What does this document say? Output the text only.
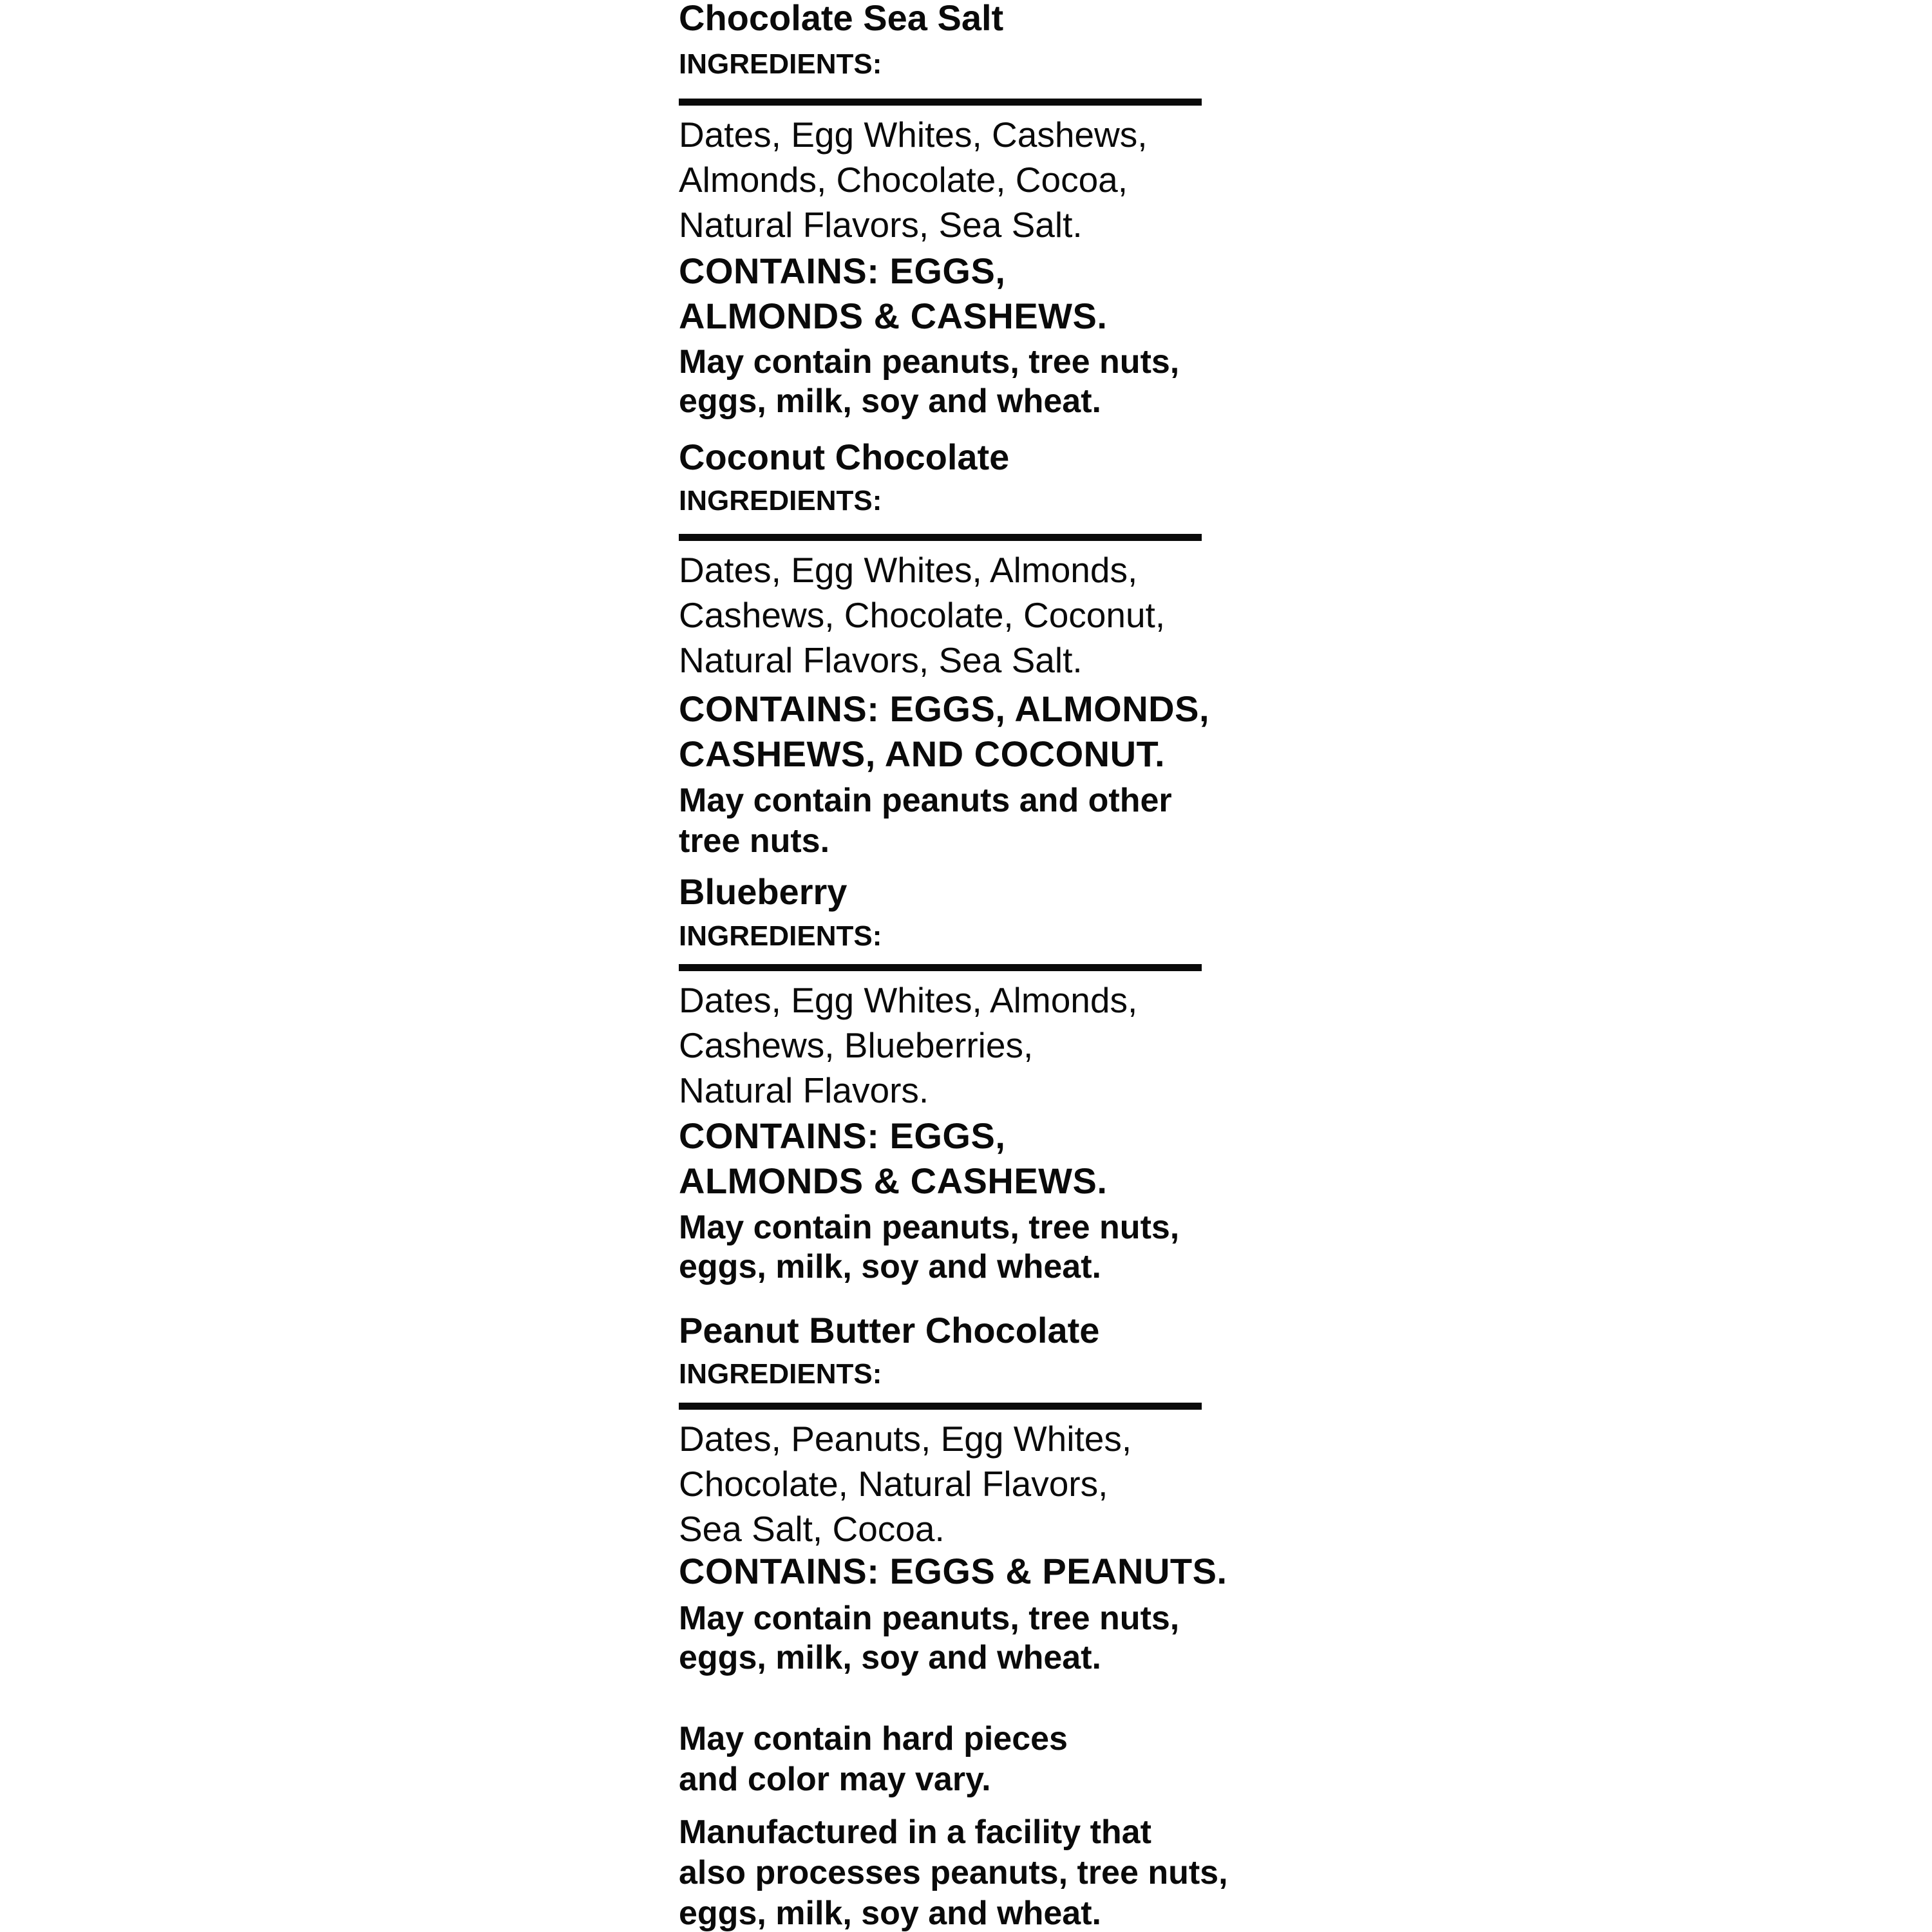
Chocolate Sea Salt

INGREDIENTS:

Dates, Egg Whites, Cashews,

Almonds, Chocolate, Cocoa,

Natural Flavors, Sea Salt.

CONTAINS: EGGS,

ALMONDS & CASHEWS.

May contain peanuts, tree nuts,

eggs, milk, soy and wheat.

Coconut Chocolate

INGREDIENTS:

Dates, Egg Whites, Almonds,

Cashews, Chocolate, Coconut,

Natural Flavors, Sea Salt.

CONTAINS: EGGS, ALMONDS,

CASHEWS, AND COCONUT.

May contain peanuts and other

tree nuts.

Blueberry

INGREDIENTS:

Dates, Egg Whites, Almonds,

Cashews, Blueberries,

Natural Flavors.

CONTAINS: EGGS,

ALMONDS & CASHEWS.

May contain peanuts, tree nuts,

eggs, milk, soy and wheat.

Peanut Butter Chocolate

INGREDIENTS:

Dates, Peanuts, Egg Whites,

Chocolate, Natural Flavors,

Sea Salt, Cocoa.

CONTAINS: EGGS & PEANUTS.

May contain peanuts, tree nuts,

eggs, milk, soy and wheat.

May contain hard pieces

and color may vary.

Manufactured in a facility that

also processes peanuts, tree nuts,

eggs, milk, soy and wheat.
